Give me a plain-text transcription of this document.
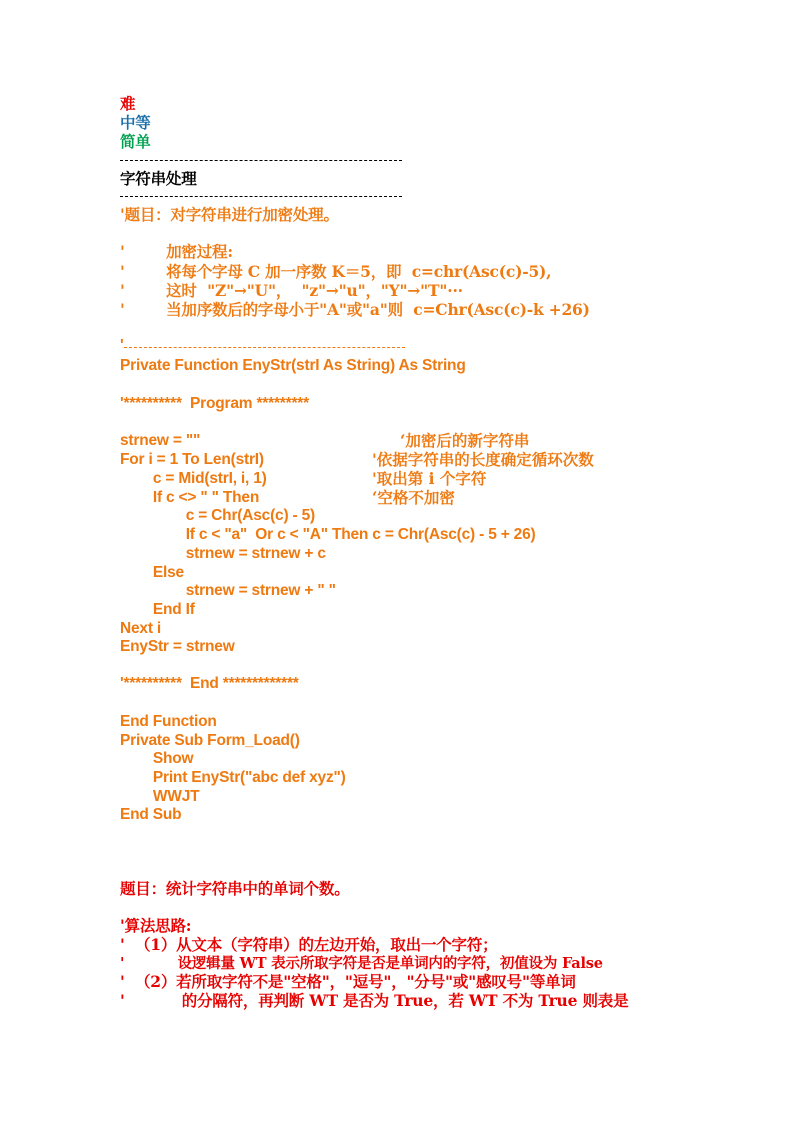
难
中等
简单
字符串处理
'题目：对字符串进行加密处理。
'        加密过程:
'        将每个字母 C 加一序数 K＝5，即  c=chr(Asc(c)-5),
'        这时  "Z"→"U"，  "z"→"u"，"Y"→"T"···
'        当加序数后的字母小于"A"或"a"则  c=Chr(Asc(c)-k +26)
'
Private Function EnyStr(strI As String) As String
'**********  Program *********
strnew = ""	‘加密后的新字符串
For i = 1 To Len(strI)	'依据字符串的长度确定循环次数
c = Mid(strI, i, 1)	'取出第 i 个字符
If c <> " " Then	‘空格不加密
c = Chr(Asc(c) - 5)
If c < "a"  Or c < "A" Then c = Chr(Asc(c) - 5 + 26)
strnew = strnew + c
Else
strnew = strnew + " "
End If
Next i
EnyStr = strnew
'**********  End *************
End Function
Private Sub Form_Load()
Show
Print EnyStr("abc def xyz")
WWJT
End Sub
题目：统计字符串中的单词个数。
'算法思路:
'  （1）从文本（字符串）的左边开始，取出一个字符；
'           设逻辑量 WT 表示所取字符是否是单词内的字符，初值设为 False
'  （2）若所取字符不是"空格"，"逗号"，"分号"或"感叹号"等单词
'           的分隔符，再判断 WT 是否为 True，若 WT 不为 True 则表是
